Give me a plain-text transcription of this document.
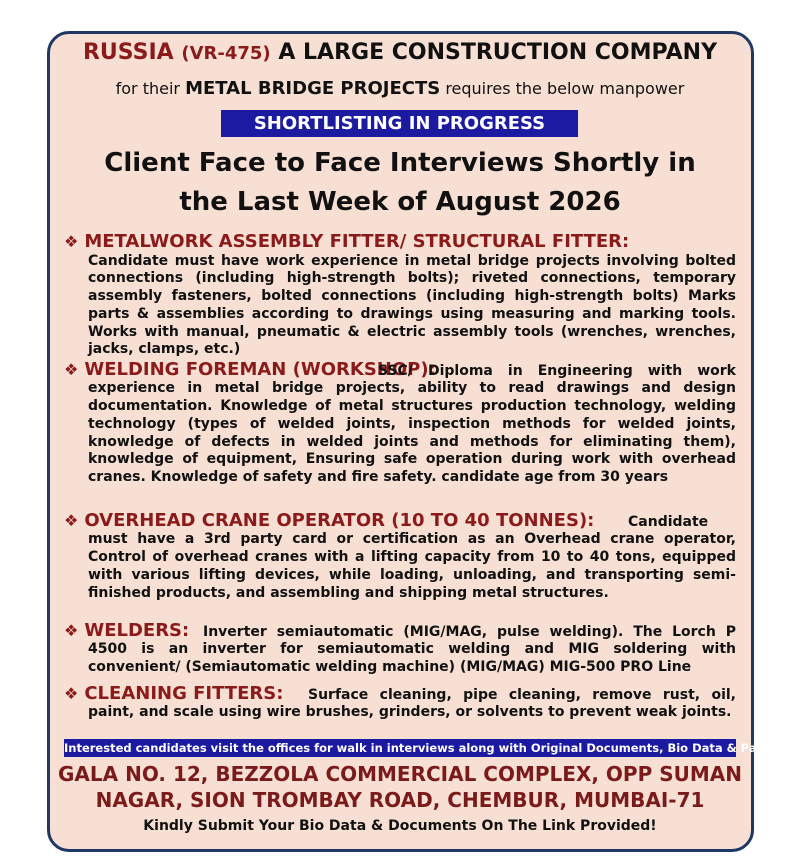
RUSSIA (VR-475) A LARGE CONSTRUCTION COMPANY
for their METAL BRIDGE PROJECTS requires the below manpower
SHORTLISTING IN PROGRESS
Client Face to Face Interviews Shortly in
the Last Week of August 2026
❖ METALWORK ASSEMBLY FITTER/ STRUCTURAL FITTER:
Candidate must have work experience in metal bridge projects involving bolted connections (including high-strength bolts); riveted connections, temporary assembly fasteners, bolted connections (including high-strength bolts) Marks parts & assemblies according to drawings using measuring and marking tools. Works with manual, pneumatic & electric assembly tools (wrenches, wrenches, jacks, clamps, etc.)
❖ WELDING FOREMAN (WORKSHOP):
SSC/ Diploma in Engineering with work experience in metal bridge projects, ability to read drawings and design documentation. Knowledge of metal structures production technology, welding technology (types of welded joints, inspection methods for welded joints, knowledge of defects in welded joints and methods for eliminating them), knowledge of equipment, Ensuring safe operation during work with overhead cranes. Knowledge of safety and fire safety. candidate age from 30 years
❖ OVERHEAD CRANE OPERATOR (10 TO 40 TONNES):	Candidate must have a 3rd party card or certification as an Overhead crane operator, Control of overhead cranes with a lifting capacity from 10 to 40 tons, equipped with various lifting devices, while loading, unloading, and transporting semi-finished products, and assembling and shipping metal structures.
❖ WELDERS: Inverter semiautomatic (MIG/MAG, pulse welding). The Lorch P 4500 is an inverter for semiautomatic welding and MIG soldering with convenient/ (Semiautomatic welding machine) (MIG/MAG) MIG-500 PRO Line
❖ CLEANING FITTERS:	Surface cleaning, pipe cleaning, remove rust, oil, paint, and scale using wire brushes, grinders, or solvents to prevent weak joints.
Interested candidates visit the offices for walk in interviews along with Original Documents, Bio Data & Passport
GALA NO. 12, BEZZOLA COMMERCIAL COMPLEX, OPP SUMAN
NAGAR, SION TROMBAY ROAD, CHEMBUR, MUMBAI-71
Kindly Submit Your Bio Data & Documents On The Link Provided!
